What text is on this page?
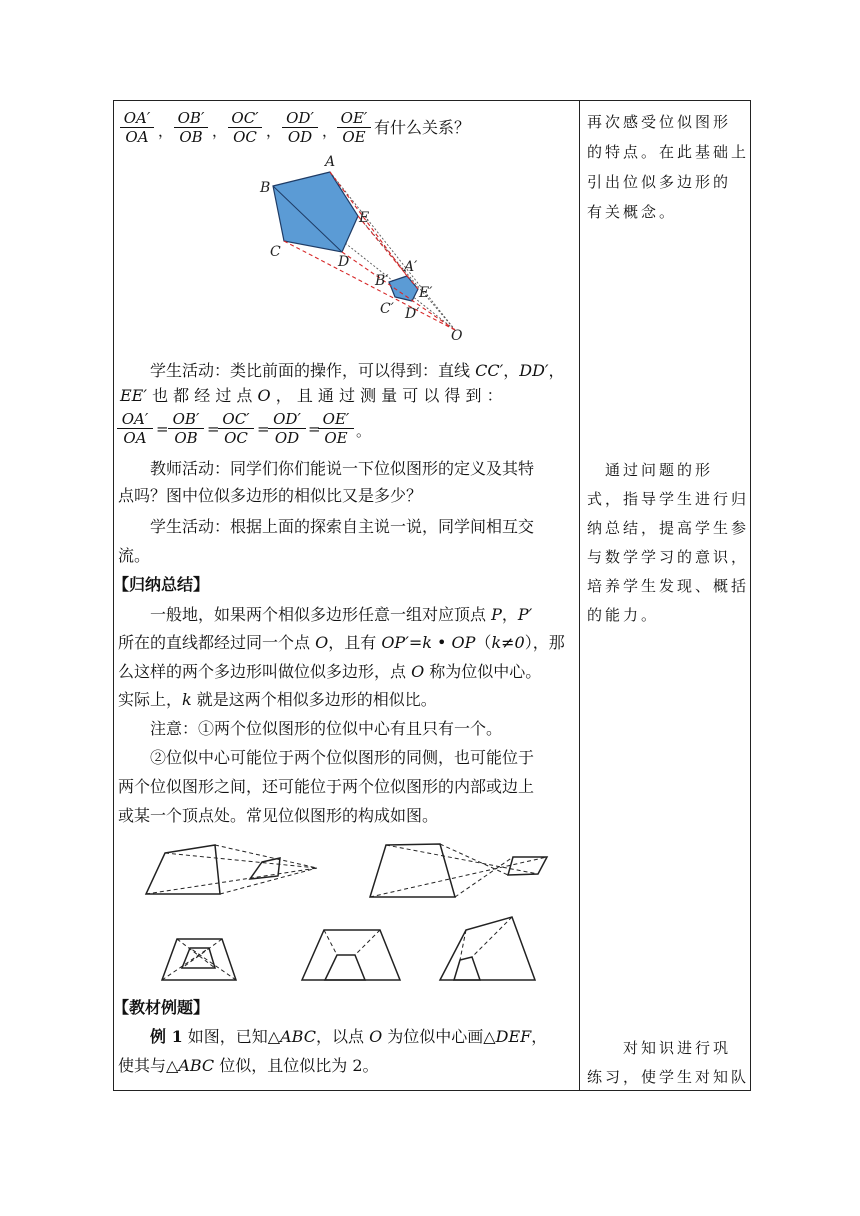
$\frac{OA'}{OA}$ ， $\frac{OB'}{OB}$ ， $\frac{OC'}{OC}$ ， $\frac{OD'}{OD}$ ， $\frac{OE'}{OE}$ 有什么关系？
A
B
C
D
E
A′
B′
C′ D′
E′
O
学生活动：类比前面的操作，可以得到：直线 CC′，DD′，
EE′ 也 都 经 过 点 O ， 且 通 过 测 量 可 以 得 到 ：
$\frac{OA'}{OA} = \frac{OB'}{OB}$ =
$\frac{OC'}{OC}$ =
$\frac{OD'}{OD}$ =
$\frac{OE'}{OE}$ 。
教师活动：同学们你们能说一下位似图形的定义及其特
点吗？图中位似多边形的相似比又是多少？
学生活动：根据上面的探索自主说一说，同学间相互交
流。
【归纳总结】
一般地，如果两个相似多边形任意一组对应顶点 P，P′
所在的直线都经过同一个点 O，且有 OP′=k • OP（k≠0），那
么这样的两个多边形叫做位似多边形，点 O 称为位似中心。
实际上，k 就是这两个相似多边形的相似比。
注意：①两个位似图形的位似中心有且只有一个。
②位似中心可能位于两个位似图形的同侧，也可能位于
两个位似图形之间，还可能位于两个位似图形的内部或边上
或某一个顶点处。常见位似图形的构成如图。
【教材例题】
例 1 如图，已知△ABC，以点 O 为位似中心画△DEF，
使其与△ABC 位似，且位似比为 2。
再次感受位似图形
的特点。在此基础上
引出位似多边形的
有关概念。
　通过问题的形
式，指导学生进行归
纳总结，提高学生参
与数学学习的意识，
培养学生发现、概括
的能力。
　　对知识进行巩
练习，使学生对知队
